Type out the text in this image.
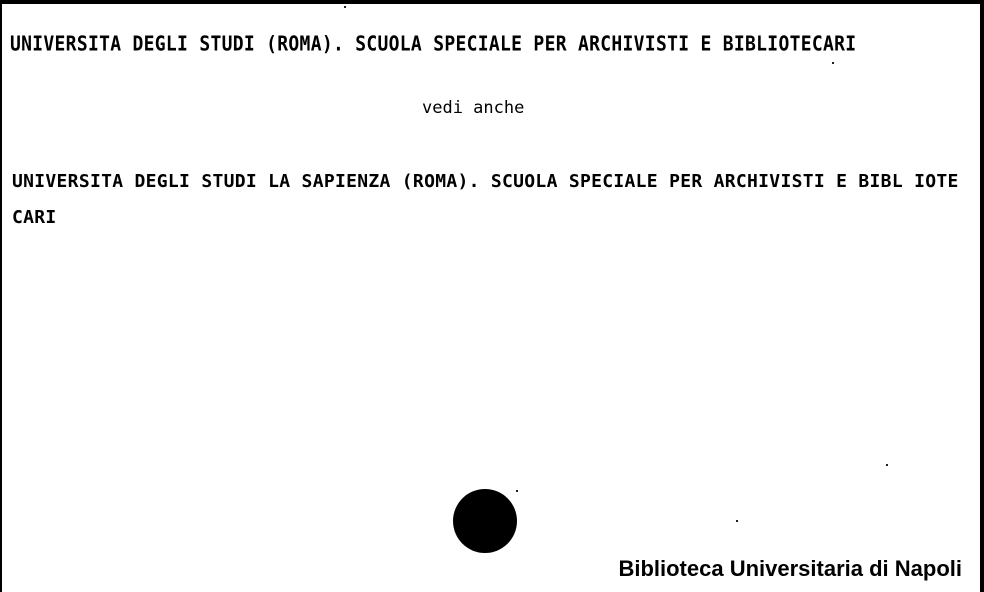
UNIVERSITA DEGLI STUDI (ROMA). SCUOLA SPECIALE PER ARCHIVISTI E BIBLIOTECARI
vedi anche
UNIVERSITA DEGLI STUDI LA SAPIENZA (ROMA). SCUOLA SPECIALE PER ARCHIVISTI E BIBL IOTECARI
Biblioteca Universitaria di Napoli
